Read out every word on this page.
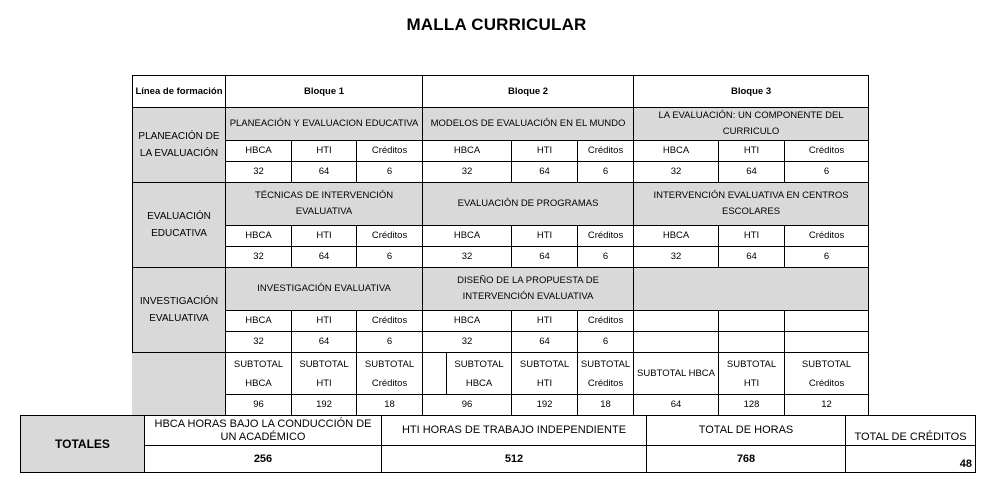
MALLA CURRICULAR
Línea de formación	Bloque 1			Bloque 2				Bloque 3		
PLANEACIÓN DE LA EVALUACIÓN	PLANEACIÓN Y EVALUACION EDUCATIVA			MODELOS DE EVALUACIÓN EN EL MUNDO				LA EVALUACIÓN: UN COMPONENTE DEL CURRICULO		
	HBCA	HTI	Créditos	HBCA		HTI	Créditos	HBCA	HTI	Créditos
	32	64	6	32		64	6	32	64	6
EVALUACIÓN EDUCATIVA	TÉCNICAS DE INTERVENCIÓN EVALUATIVA			EVALUACIÓN DE PROGRAMAS				INTERVENCIÓN EVALUATIVA EN CENTROS ESCOLARES		
	HBCA	HTI	Créditos	HBCA		HTI	Créditos	HBCA	HTI	Créditos
	32	64	6	32		64	6	32	64	6
INVESTIGACIÓN EVALUATIVA	INVESTIGACIÓN EVALUATIVA			DISEÑO DE LA PROPUESTA DE INTERVENCIÓN EVALUATIVA						
	HBCA	HTI	Créditos	HBCA		HTI	Créditos			
	32	64	6	32		64	6			
	SUBTOTAL HBCA	SUBTOTAL HTI	SUBTOTAL Créditos		SUBTOTAL HBCA	SUBTOTAL HTI	SUBTOTAL Créditos	SUBTOTAL HBCA	SUBTOTAL HTI	SUBTOTAL Créditos
	96	192	18	96		192	18	64	128	12
TOTALES	HBCA HORAS BAJO LA CONDUCCIÓN DE UN ACADÉMICO	HTI HORAS DE TRABAJO INDEPENDIENTE	TOTAL DE HORAS	TOTAL DE CRÉDITOS
	256	512	768	48
